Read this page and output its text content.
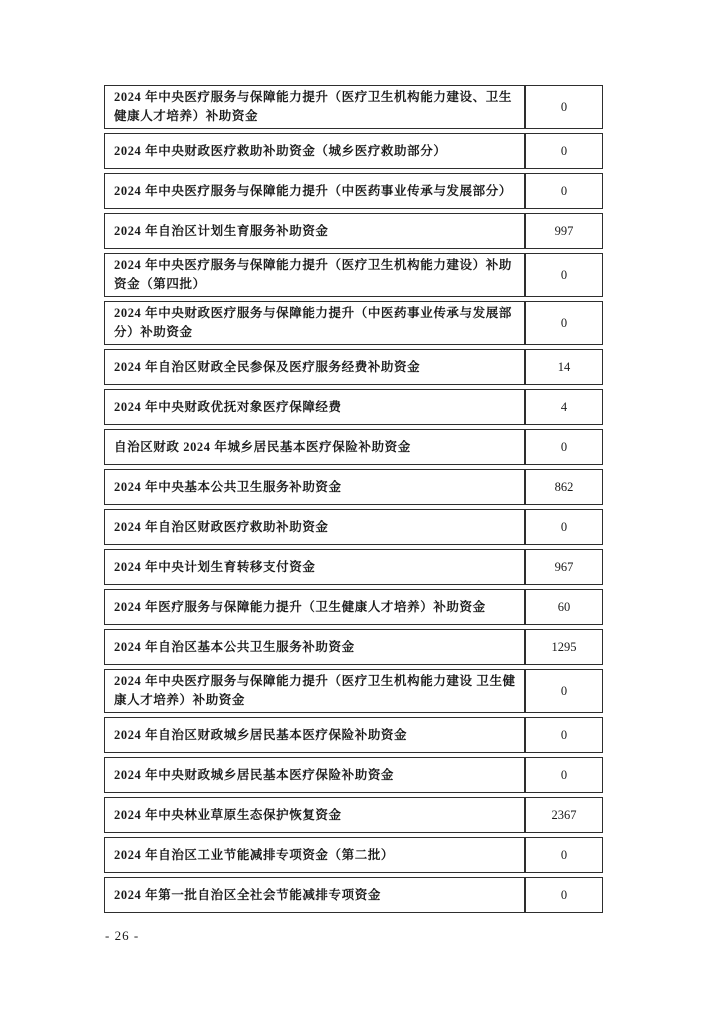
2024 年中央医疗服务与保障能力提升（医疗卫生机构能力建设、卫生健康人才培养）补助资金	0
2024 年中央财政医疗救助补助资金（城乡医疗救助部分）	0
2024 年中央医疗服务与保障能力提升（中医药事业传承与发展部分）	0
2024 年自治区计划生育服务补助资金	997
2024 年中央医疗服务与保障能力提升（医疗卫生机构能力建设）补助资金（第四批）	0
2024 年中央财政医疗服务与保障能力提升（中医药事业传承与发展部分）补助资金	0
2024 年自治区财政全民参保及医疗服务经费补助资金	14
2024 年中央财政优抚对象医疗保障经费	4
自治区财政 2024 年城乡居民基本医疗保险补助资金	0
2024 年中央基本公共卫生服务补助资金	862
2024 年自治区财政医疗救助补助资金	0
2024 年中央计划生育转移支付资金	967
2024 年医疗服务与保障能力提升（卫生健康人才培养）补助资金	60
2024 年自治区基本公共卫生服务补助资金	1295
2024 年中央医疗服务与保障能力提升（医疗卫生机构能力建设 卫生健康人才培养）补助资金	0
2024 年自治区财政城乡居民基本医疗保险补助资金	0
2024 年中央财政城乡居民基本医疗保险补助资金	0
2024 年中央林业草原生态保护恢复资金	2367
2024 年自治区工业节能减排专项资金（第二批）	0
2024 年第一批自治区全社会节能减排专项资金	0
- 26 -
